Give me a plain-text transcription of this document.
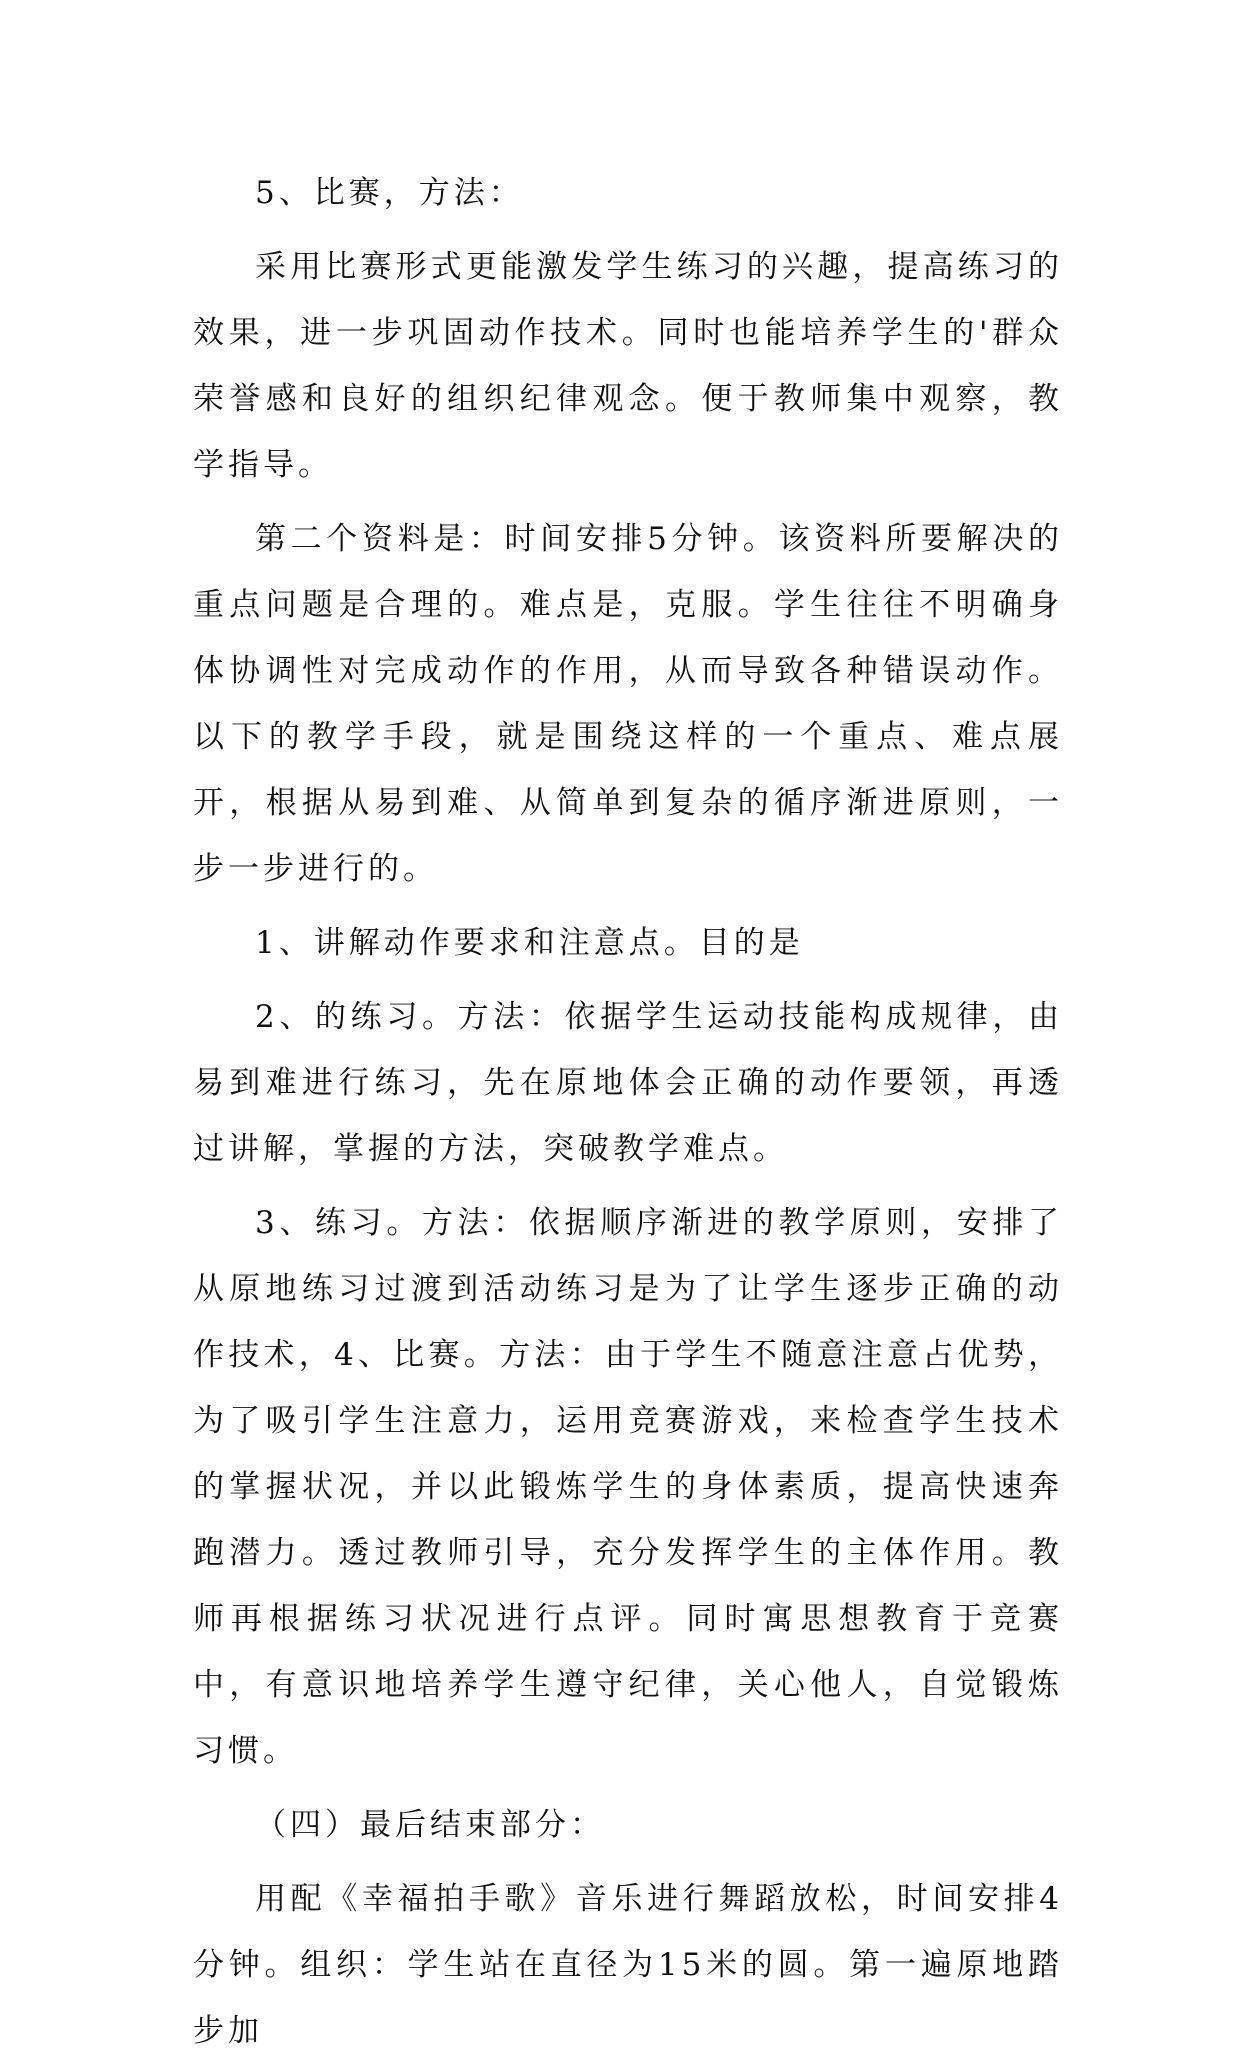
5、比赛，方法：

采用比赛形式更能激发学生练习的兴趣，提高练习的效果，进一步巩固动作技术。同时也能培养学生的'群众荣誉感和良好的组织纪律观念。便于教师集中观察，教学指导。

第二个资料是：时间安排5分钟。该资料所要解决的重点问题是合理的。难点是，克服。学生往往不明确身体协调性对完成动作的作用，从而导致各种错误动作。以下的教学手段，就是围绕这样的一个重点、难点展开，根据从易到难、从简单到复杂的循序渐进原则，一步一步进行的。

1、讲解动作要求和注意点。目的是

2、的练习。方法：依据学生运动技能构成规律，由易到难进行练习，先在原地体会正确的动作要领，再透过讲解，掌握的方法，突破教学难点。

3、练习。方法：依据顺序渐进的教学原则，安排了从原地练习过渡到活动练习是为了让学生逐步正确的动作技术，4、比赛。方法：由于学生不随意注意占优势，为了吸引学生注意力，运用竞赛游戏，来检查学生技术的掌握状况，并以此锻炼学生的身体素质，提高快速奔跑潜力。透过教师引导，充分发挥学生的主体作用。教师再根据练习状况进行点评。同时寓思想教育于竞赛中，有意识地培养学生遵守纪律，关心他人，自觉锻炼习惯。

（四）最后结束部分：

用配《幸福拍手歌》音乐进行舞蹈放松，时间安排4分钟。组织：学生站在直径为15米的圆。第一遍原地踏步加
